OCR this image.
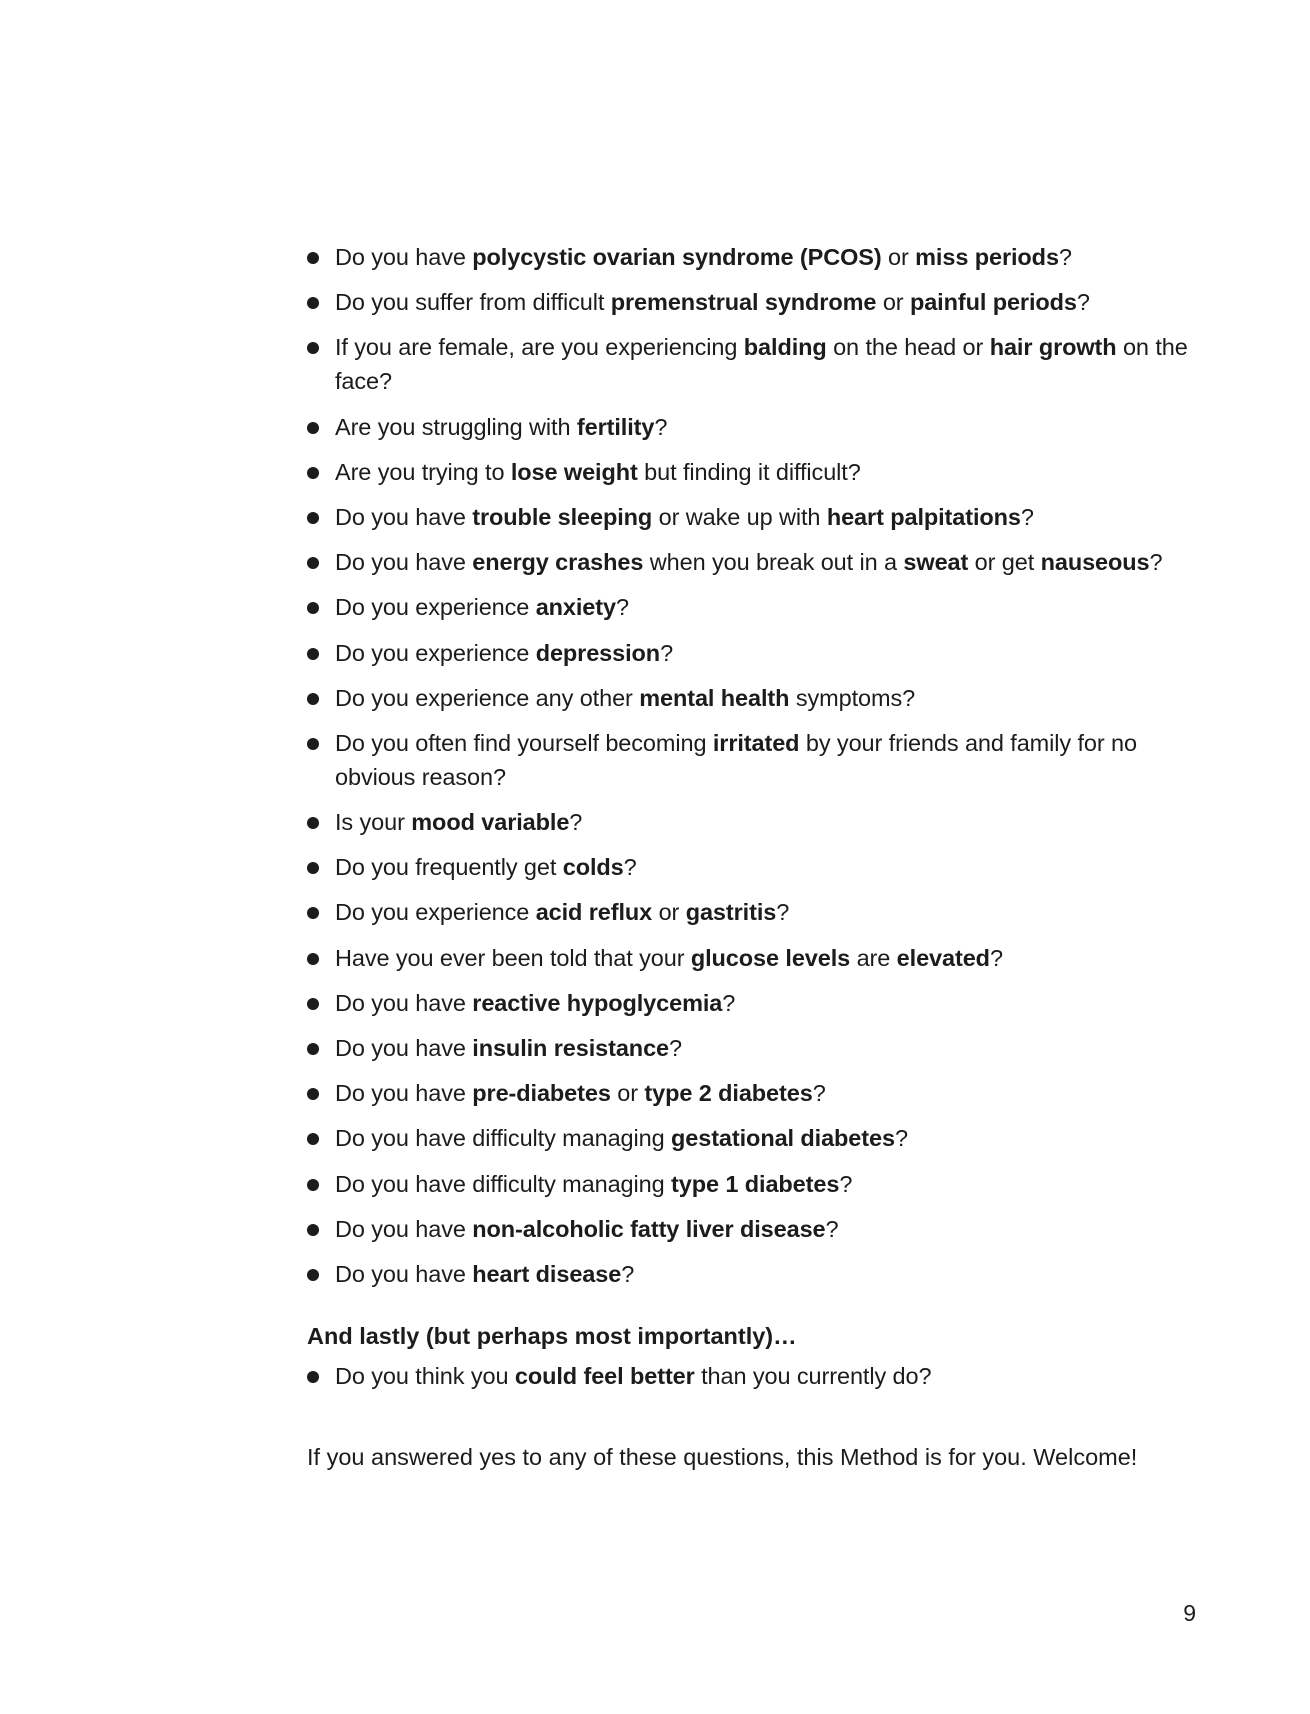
Do you have polycystic ovarian syndrome (PCOS) or miss periods?
Do you suffer from difficult premenstrual syndrome or painful periods?
If you are female, are you experiencing balding on the head or hair growth on the face?
Are you struggling with fertility?
Are you trying to lose weight but finding it difficult?
Do you have trouble sleeping or wake up with heart palpitations?
Do you have energy crashes when you break out in a sweat or get nauseous?
Do you experience anxiety?
Do you experience depression?
Do you experience any other mental health symptoms?
Do you often find yourself becoming irritated by your friends and family for no obvious reason?
Is your mood variable?
Do you frequently get colds?
Do you experience acid reflux or gastritis?
Have you ever been told that your glucose levels are elevated?
Do you have reactive hypoglycemia?
Do you have insulin resistance?
Do you have pre-diabetes or type 2 diabetes?
Do you have difficulty managing gestational diabetes?
Do you have difficulty managing type 1 diabetes?
Do you have non-alcoholic fatty liver disease?
Do you have heart disease?
And lastly (but perhaps most importantly)…
Do you think you could feel better than you currently do?
If you answered yes to any of these questions, this Method is for you. Welcome!
9
